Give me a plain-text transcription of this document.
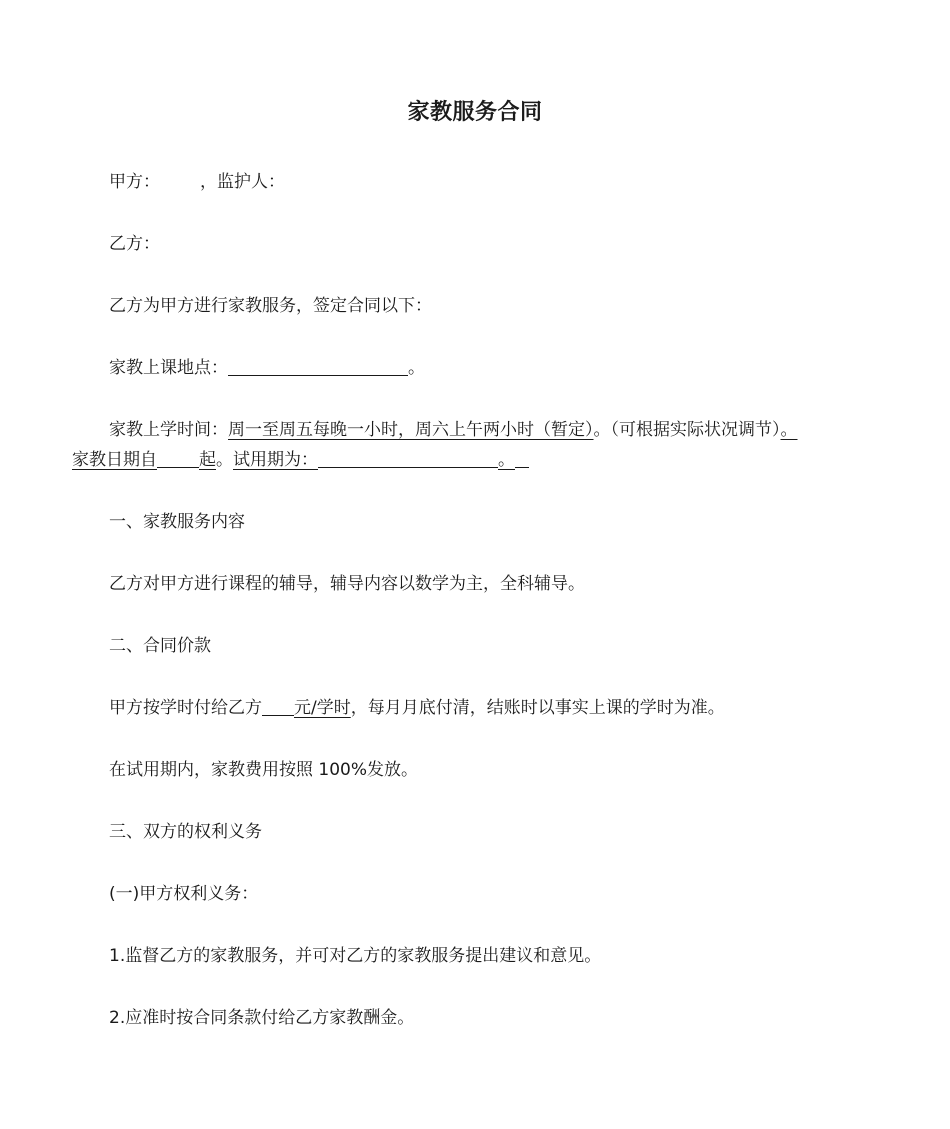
家教服务合同
甲方： ，监护人：
乙方：
乙方为甲方进行家教服务，签定合同以下：
家教上课地点：	。
家教上学时间：周一至周五每晚一小时，周六上午两小时（暂定）。（可根据实际状况调节）。
家教日期自 起。试用期为：	。
一、家教服务内容
乙方对甲方进行课程的辅导，辅导内容以数学为主，全科辅导。
二、合同价款
甲方按学时付给乙方 元/学时，每月月底付清，结账时以事实上课的学时为准。
在试用期内，家教费用按照 100%发放。
三、双方的权利义务
(一)甲方权利义务：
1.监督乙方的家教服务，并可对乙方的家教服务提出建议和意见。
2.应准时按合同条款付给乙方家教酬金。
